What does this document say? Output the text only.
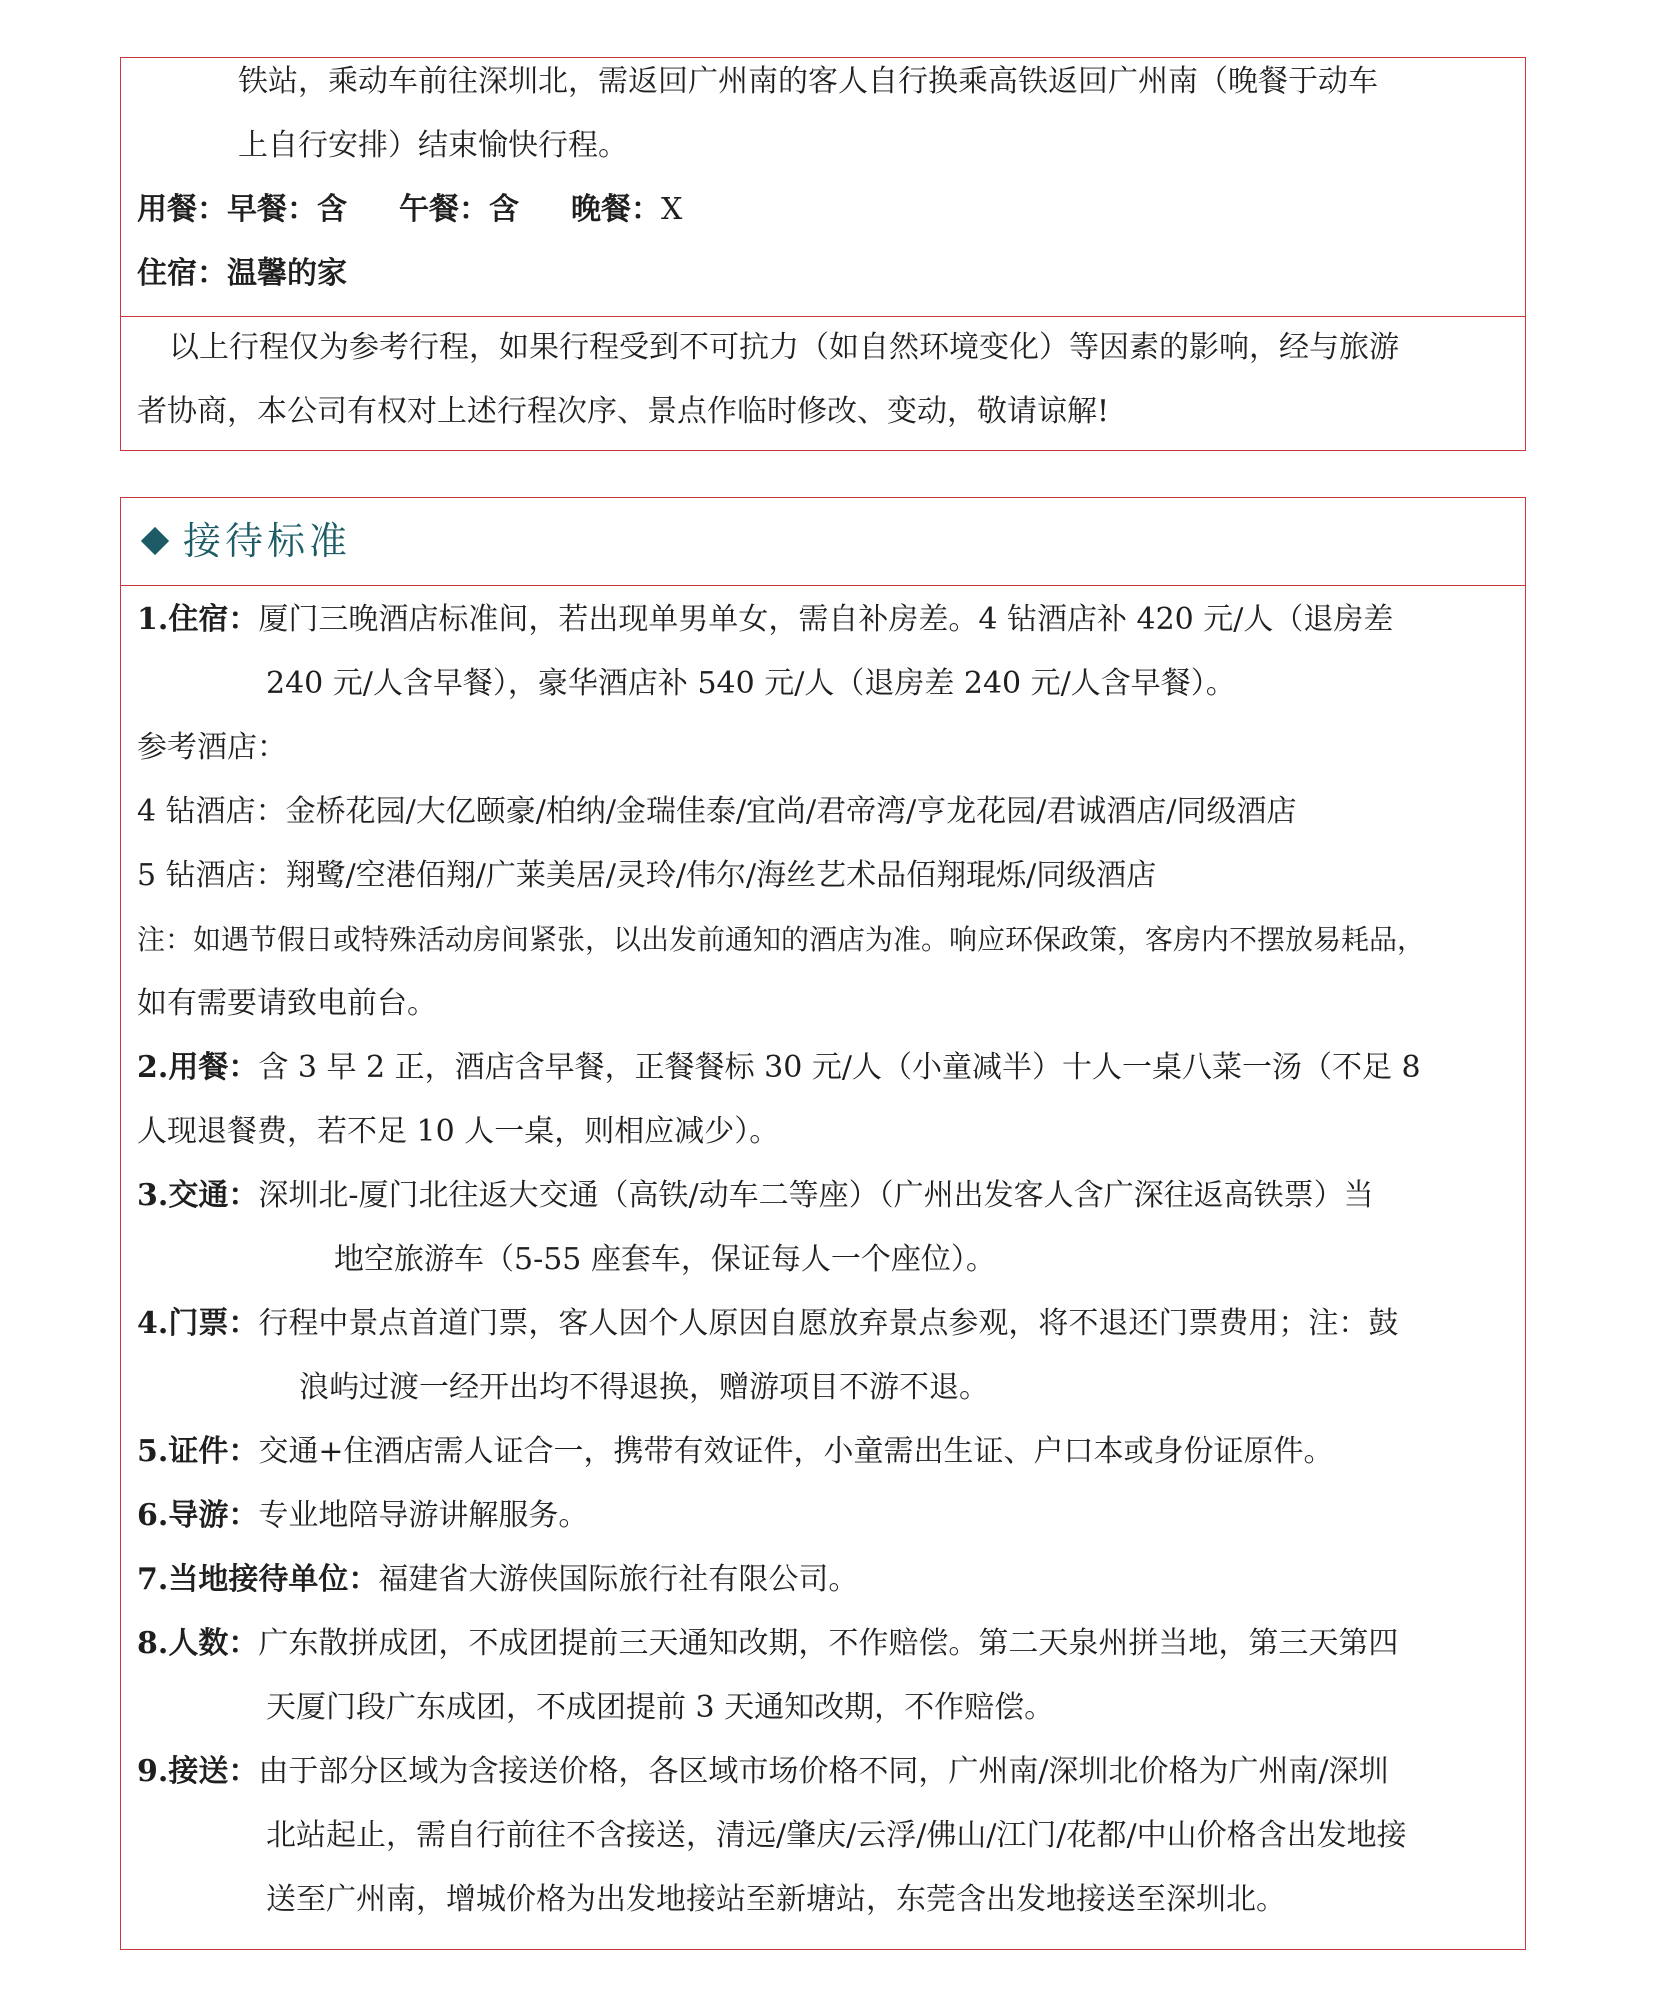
铁站，乘动车前往深圳北，需返回广州南的客人自行换乘高铁返回广州南（晚餐于动车
上自行安排）结束愉快行程。
用餐：早餐：含 午餐：含 晚餐：X
住宿：温馨的家
以上行程仅为参考行程，如果行程受到不可抗力（如自然环境变化）等因素的影响，经与旅游
者协商，本公司有权对上述行程次序、景点作临时修改、变动，敬请谅解!
接待标准
1.住宿：厦门三晚酒店标准间，若出现单男单女，需自补房差。4 钻酒店补 420 元/人（退房差
240 元/人含早餐），豪华酒店补 540 元/人（退房差 240 元/人含早餐）。
参考酒店：
4 钻酒店：金桥花园/大亿颐豪/柏纳/金瑞佳泰/宜尚/君帝湾/亨龙花园/君诚酒店/同级酒店
5 钻酒店：翔鹭/空港佰翔/广莱美居/灵玲/伟尔/海丝艺术品佰翔琨烁/同级酒店
注：如遇节假日或特殊活动房间紧张，以出发前通知的酒店为准。响应环保政策，客房内不摆放易耗品，
如有需要请致电前台。
2.用餐：含 3 早 2 正，酒店含早餐，正餐餐标 30 元/人（小童减半）十人一桌八菜一汤（不足 8
人现退餐费，若不足 10 人一桌，则相应减少）。
3.交通：深圳北-厦门北往返大交通（高铁/动车二等座）（广州出发客人含广深往返高铁票）当
地空旅游车（5-55 座套车，保证每人一个座位）。
4.门票：行程中景点首道门票，客人因个人原因自愿放弃景点参观，将不退还门票费用；注：鼓
浪屿过渡一经开出均不得退换，赠游项目不游不退。
5.证件：交通+住酒店需人证合一，携带有效证件，小童需出生证、户口本或身份证原件。
6.导游：专业地陪导游讲解服务。
7.当地接待单位：福建省大游侠国际旅行社有限公司。
8.人数：广东散拼成团，不成团提前三天通知改期，不作赔偿。第二天泉州拼当地，第三天第四
天厦门段广东成团，不成团提前 3 天通知改期，不作赔偿。
9.接送：由于部分区域为含接送价格，各区域市场价格不同，广州南/深圳北价格为广州南/深圳
北站起止，需自行前往不含接送，清远/肇庆/云浮/佛山/江门/花都/中山价格含出发地接
送至广州南，增城价格为出发地接站至新塘站，东莞含出发地接送至深圳北。
